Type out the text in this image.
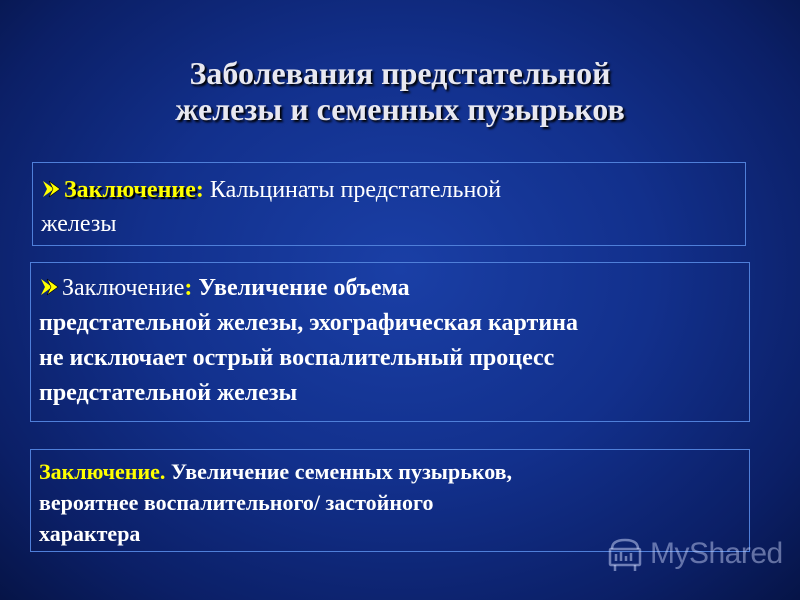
Заболевания предстательной
железы и семенных пузырьков
Заключение: Кальцинаты предстательной
железы
Заключение: Увеличение объема
предстательной железы, эхографическая картина
не исключает острый воспалительный процесс
предстательной железы
Заключение. Увеличение семенных пузырьков,
вероятнее воспалительного/ застойного
характера
MyShared
